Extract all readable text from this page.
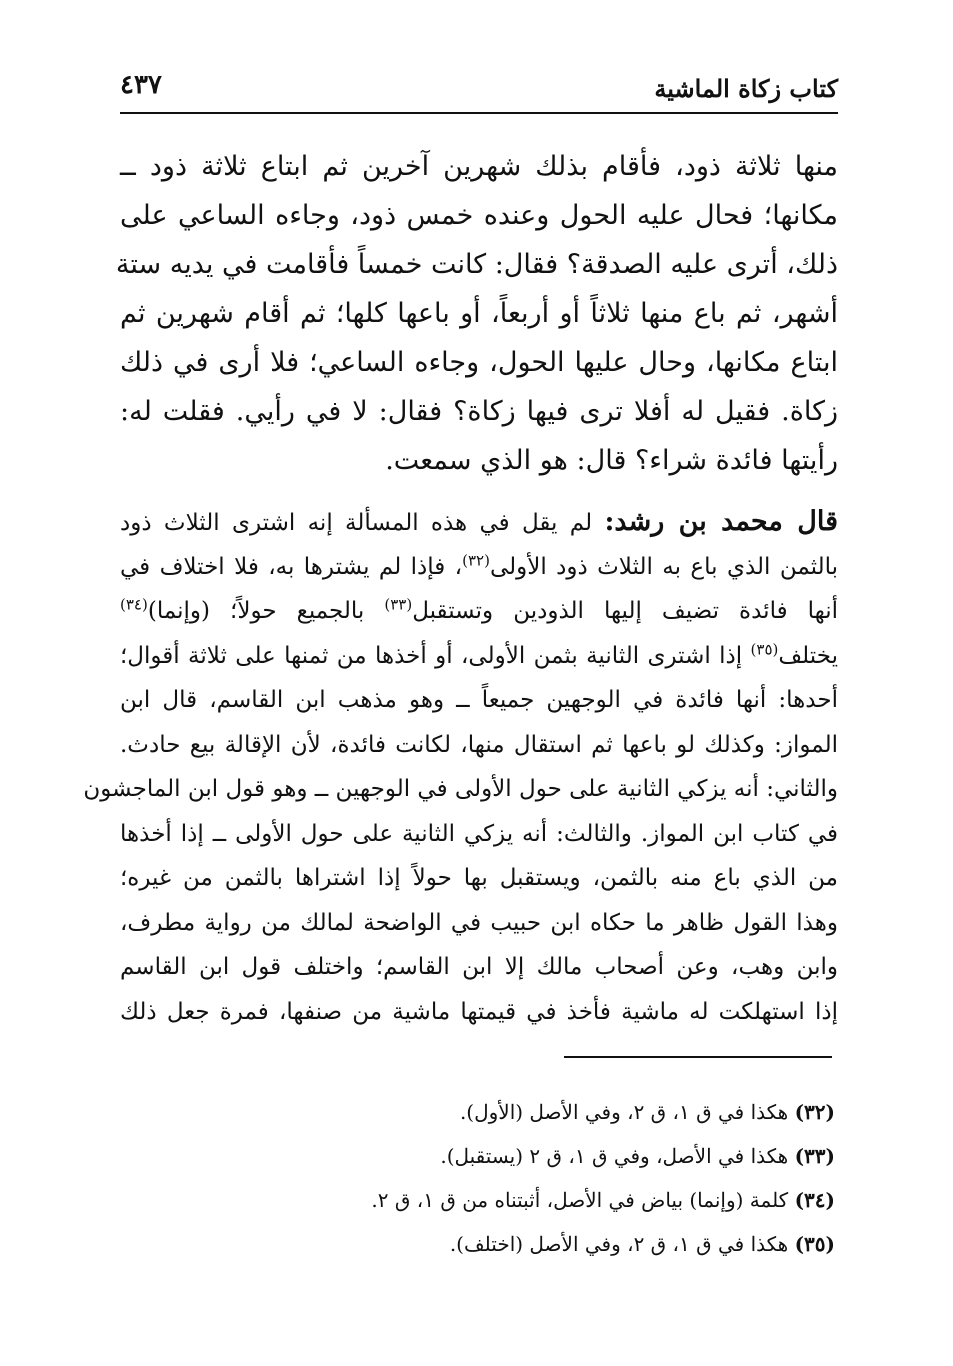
كتاب زكاة الماشية
٤٣٧
منها ثلاثة ذود، فأقام بذلك شهرين آخرين ثم ابتاع ثلاثة ذود ــ
مكانها؛ فحال عليه الحول وعنده خمس ذود، وجاءه الساعي على
ذلك، أترى عليه الصدقة؟ فقال: كانت خمساً فأقامت في يديه ستة
أشهر، ثم باع منها ثلاثاً أو أربعاً، أو باعها كلها؛ ثم أقام شهرين ثم
ابتاع مكانها، وحال عليها الحول، وجاءه الساعي؛ فلا أرى في ذلك
زكاة. فقيل له أفلا ترى فيها زكاة؟ فقال: لا في رأيي. فقلت له:
رأيتها فائدة شراء؟ قال: هو الذي سمعت.
قال محمد بن رشد: لم يقل في هذه المسألة إنه اشترى الثلاث ذود
بالثمن الذي باع به الثلاث ذود الأولى$^{(٣٢)}$، فإذا لم يشترها به، فلا اختلاف في
أنها فائدة تضيف إليها الذودين وتستقبل$^{(٣٣)}$ بالجميع حولاً؛ (وإنما)$^{(٣٤)}$
يختلف$^{(٣٥)}$ إذا اشترى الثانية بثمن الأولى، أو أخذها من ثمنها على ثلاثة أقوال؛
أحدها: أنها فائدة في الوجهين جميعاً ــ وهو مذهب ابن القاسم، قال ابن
المواز: وكذلك لو باعها ثم استقال منها، لكانت فائدة، لأن الإقالة بيع حادث.
والثاني: أنه يزكي الثانية على حول الأولى في الوجهين ــ وهو قول ابن الماجشون
في كتاب ابن المواز. والثالث: أنه يزكي الثانية على حول الأولى ــ إذا أخذها
من الذي باع منه بالثمن، ويستقبل بها حولاً إذا اشتراها بالثمن من غيره؛
وهذا القول ظاهر ما حكاه ابن حبيب في الواضحة لمالك من رواية مطرف،
وابن وهب، وعن أصحاب مالك إلا ابن القاسم؛ واختلف قول ابن القاسم
إذا استهلكت له ماشية فأخذ في قيمتها ماشية من صنفها، فمرة جعل ذلك
(٣٢) هكذا في ق ١، ق ٢، وفي الأصل (الأول).
(٣٣) هكذا في الأصل، وفي ق ١، ق ٢ (يستقبل).
(٣٤) كلمة (وإنما) بياض في الأصل، أثبتناه من ق ١، ق ٢.
(٣٥) هكذا في ق ١، ق ٢، وفي الأصل (اختلف).
